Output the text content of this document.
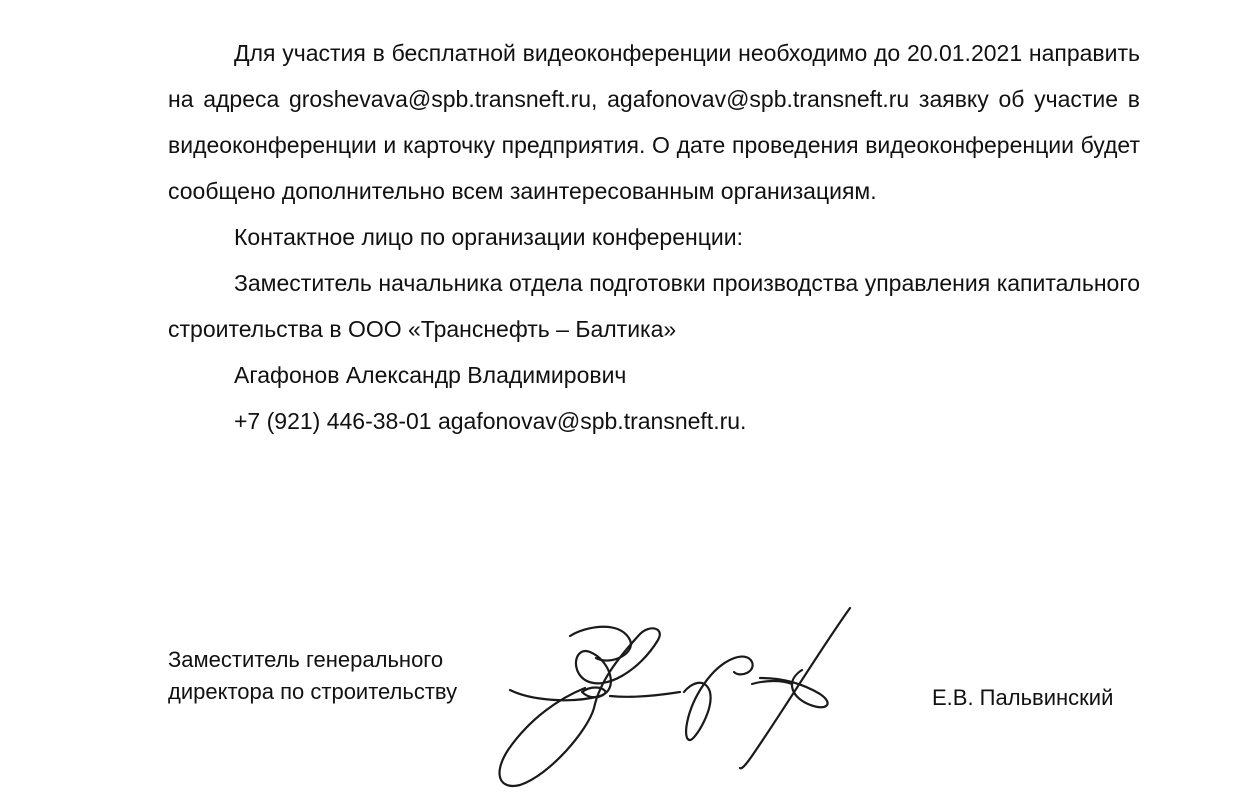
Для участия в бесплатной видеоконференции необходимо до 20.01.2021 направить на адреса groshevava@spb.transneft.ru, agafonovav@spb.transneft.ru заявку об участие в видеоконференции и карточку предприятия. О дате проведения видеоконференции будет сообщено дополнительно всем заинтересованным организациям.

Контактное лицо по организации конференции:

Заместитель начальника отдела подготовки производства управления капитального строительства в ООО «Транснефть – Балтика»

Агафонов Александр Владимирович

+7 (921) 446-38-01 agafonovav@spb.transneft.ru.

Заместитель генерального
директора по строительству	Е.В. Пальвинский
